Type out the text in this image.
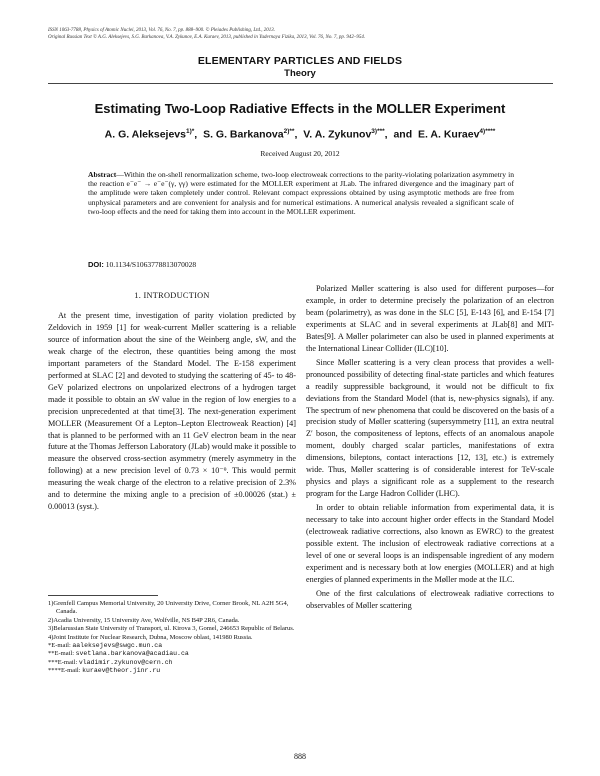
ISSN 1063-7788, Physics of Atomic Nuclei, 2013, Vol. 76, No. 7, pp. 888–900. © Pleiades Publishing, Ltd., 2013.
Original Russian Text © A.G. Aleksejevs, S.G. Barkanova, V.A. Zykunov, E.A. Kuraev, 2013, published in Yadernaya Fizika, 2013, Vol. 76, No. 7, pp. 942–954.
ELEMENTARY PARTICLES AND FIELDS
Theory
Estimating Two-Loop Radiative Effects in the MOLLER Experiment
A. G. Aleksejevs$^{1)*}$, S. G. Barkanova$^{2)**}$, V. A. Zykunov$^{3)***}$, and E. A. Kuraev$^{4)****}$
Received August 20, 2012
Abstract—Within the on-shell renormalization scheme, two-loop electroweak corrections to the parity-violating polarization asymmetry in the reaction e⁻e⁻ → e⁻e⁻(γ, γγ) were estimated for the MOLLER experiment at JLab. The infrared divergence and the imaginary part of the amplitude were taken completely under control. Relevant compact expressions obtained by using asymptotic methods are free from unphysical parameters and are convenient for analysis and for numerical estimations. A numerical analysis revealed a significant scale of two-loop effects and the need for taking them into account in the MOLLER experiment.
DOI: 10.1134/S1063778813070028
1. INTRODUCTION

At the present time, investigation of parity violation predicted by Zeldovich in 1959 [1] for weak-current Møller scattering is a reliable source of information about the sine of the Weinberg angle, sW, and the weak charge of the electron, these quantities being among the most important parameters of the Standard Model. The E-158 experiment performed at SLAC [2] and devoted to studying the scattering of 45- to 48-GeV polarized electrons on unpolarized electrons of a hydrogen target made it possible to obtain an sW value in the region of low energies to a precision unprecedented at that time[3]. The next-generation experiment MOLLER (Measurement Of a Lepton–Lepton Electroweak Reaction) [4] that is planned to be performed with an 11 GeV electron beam in the near future at the Thomas Jefferson Laboratory (JLab) would make it possible to measure the observed cross-section asymmetry (merely asymmetry in the following) at a new precision level of 0.73 × 10⁻⁹. This would permit measuring the weak charge of the electron to a relative precision of 2.3% and to determine the mixing angle to a precision of ±0.00026 (stat.) ± 0.00013 (syst.).

Polarized Møller scattering is also used for different purposes—for example, in order to determine precisely the polarization of an electron beam (polarimetry), as was done in the SLC [5], E-143 [6], and E-154 [7] experiments at SLAC and in several experiments at JLab[8] and MIT-Bates[9]. A Møller polarimeter can also be used in planned experiments at the International Linear Collider (ILC)[10].

Since Møller scattering is a very clean process that provides a well-pronounced possibility of detecting final-state particles and which features a readily suppressible background, it would not be difficult to fix deviations from the Standard Model (that is, new-physics signals), if any. The spectrum of new phenomena that could be discovered on the basis of a precision study of Møller scattering (supersymmetry [11], an extra neutral Z′ boson, the compositeness of leptons, effects of an anomalous anapole moment, doubly charged scalar particles, manifestations of extra dimensions, bileptons, contact interactions [12, 13], etc.) is extremely wide. Thus, Møller scattering is of considerable interest for TeV-scale physics and plays a significant role as a supplement to the research program for the Large Hadron Collider (LHC).

In order to obtain reliable information from experimental data, it is necessary to take into account higher order effects in the Standard Model (electroweak radiative corrections, also known as EWRC) to the greatest possible extent. The inclusion of electroweak radiative corrections at a level of one or several loops is an indispensable ingredient of any modern experiment and is necessary both at low energies (MOLLER) and at high energies of planned experiments in the Møller mode at the ILC.

One of the first calculations of electroweak radiative corrections to observables of Møller scattering

1)Grenfell Campus Memorial University, 20 University Drive, Corner Brook, NL A2H 5G4, Canada.
2)Acadia University, 15 University Ave, Wolfville, NS B4P 2R6, Canada.
3)Belarussian State University of Transport, ul. Kirova 3, Gomel, 246653 Republic of Belarus.
4)Joint Institute for Nuclear Research, Dubna, Moscow oblast, 141980 Russia.
*E-mail: aaleksejevs@swgc.mun.ca
**E-mail: svetlana.barkanova@acadiau.ca
***E-mail: vladimir.zykunov@cern.ch
****E-mail: kuraev@theor.jinr.ru
888
